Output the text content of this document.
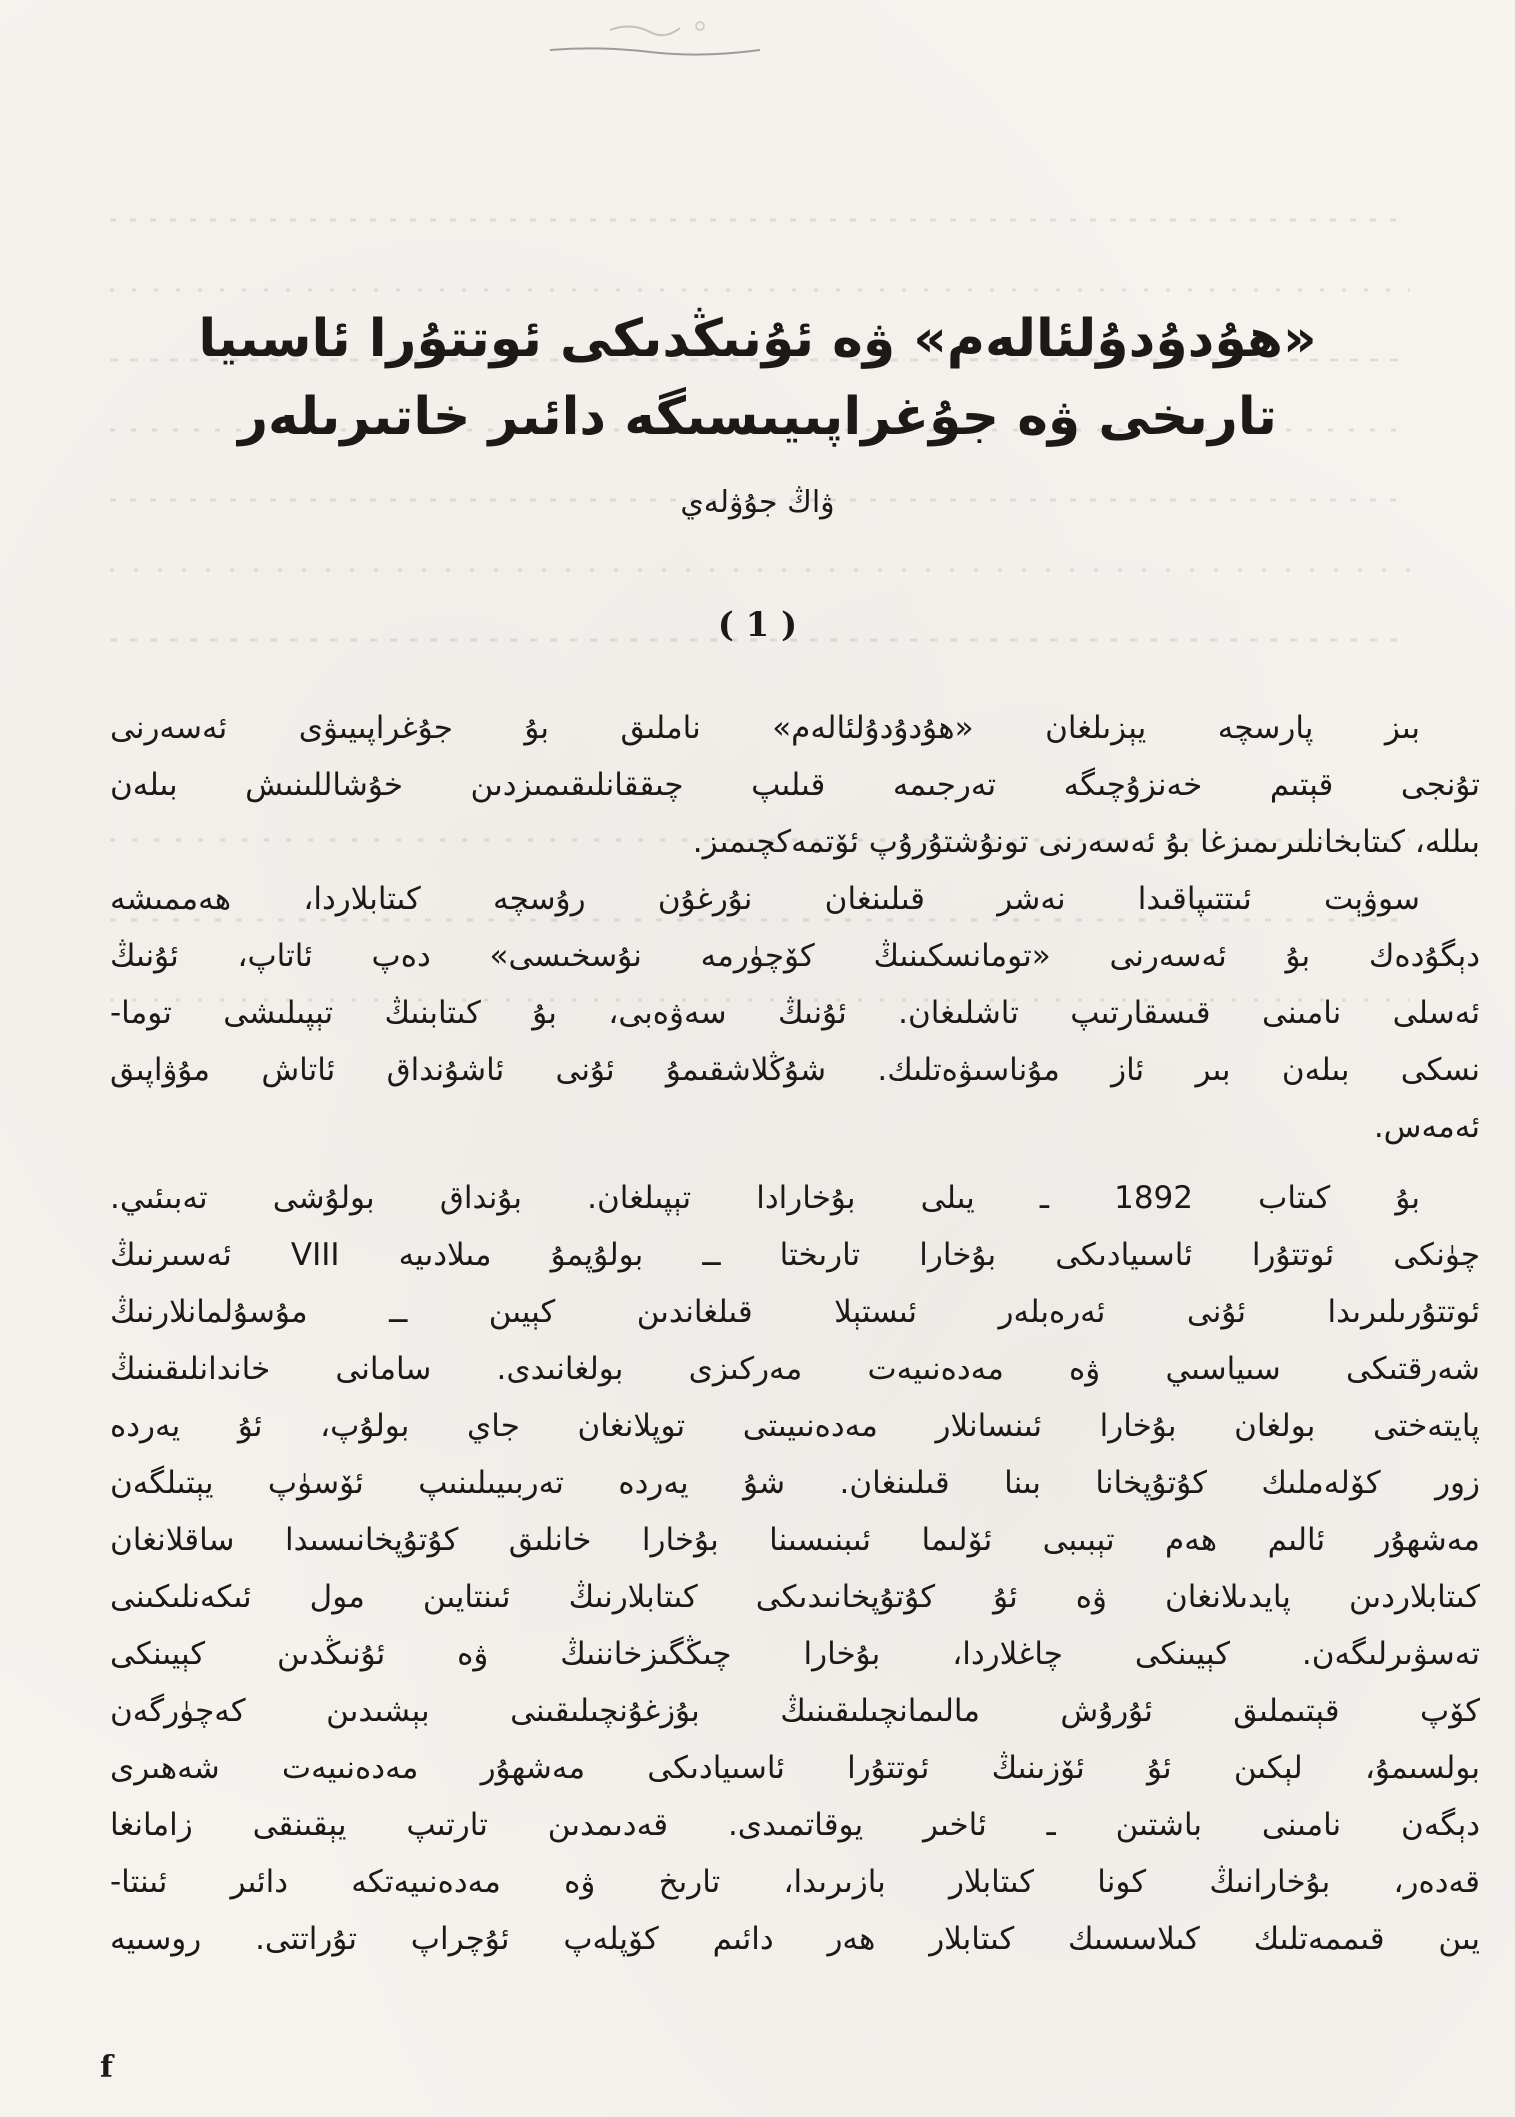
«ھۇدۇدۇلئالەم» ۋە ئۇنىڭدىكى ئوتتۇرا ئاسىيا
تارىخى ۋە جۇغراپىيىسىگە دائىر خاتىرىلەر
ۋاڭ جۇۋلەي
( 1 )
بىز پارسچە يېزىلغان «ھۇدۇدۇلئالەم» ناملىق بۇ جۇغراپىيىۋى ئەسەرنى
تۇنجى قېتىم خەنزۇچىگە تەرجىمە قىلىپ چىققانلىقىمىزدىن خۇشاللىنىش بىلەن
بىللە، كىتابخانلىرىمىزغا بۇ ئەسەرنى تونۇشتۇرۇپ ئۆتمەكچىمىز.
سوۋېت ئىتتىپاقىدا نەشر قىلىنغان نۇرغۇن رۇسچە كىتابلاردا، ھەممىشە
دېگۇدەك بۇ ئەسەرنى «تومانسكىنىڭ كۆچۈرمە نۇسخىسى» دەپ ئاتاپ، ئۇنىڭ
ئەسلى نامىنى قىسقارتىپ تاشلىغان. ئۇنىڭ سەۋەبى، بۇ كىتابنىڭ تېپىلىشى توما-
نسكى بىلەن بىر ئاز مۇناسىۋەتلىك. شۇڭلاشقىمۇ ئۇنى ئاشۇنداق ئاتاش مۇۋاپىق
ئەمەس.
بۇ كىتاب 1892 ـ يىلى بۇخارادا تېپىلغان. بۇنداق بولۇشى تەبىئىي.
چۈنكى ئوتتۇرا ئاسىيادىكى بۇخارا تارىختا ــ بولۇپمۇ مىلادىيە VIII ئەسىرنىڭ
ئوتتۇرىلىرىدا ئۇنى ئەرەبلەر ئىستېلا قىلغاندىن كېيىن ــ مۇسۇلمانلارنىڭ
شەرقتىكى سىياسىي ۋە مەدەنىيەت مەركىزى بولغانىدى. سامانى خاندانلىقىنىڭ
پايتەختى بولغان بۇخارا ئىنسانلار مەدەنىيىتى توپلانغان جاي بولۇپ، ئۇ يەردە
زور كۆلەملىك كۇتۇپخانا بىنا قىلىنغان. شۇ يەردە تەربىيىلىنىپ ئۆسۈپ يېتىلگەن
مەشھۇر ئالىم ھەم تېبىبى ئۆلىما ئىبنىسىنا بۇخارا خانلىق كۇتۇپخانىسىدا ساقلانغان
كىتابلاردىن پايدىلانغان ۋە ئۇ كۇتۇپخانىدىكى كىتابلارنىڭ ئىنتايىن مول ئىكەنلىكىنى
تەسۋىرلىگەن. كېيىنكى چاغلاردا، بۇخارا چىڭگىزخاننىڭ ۋە ئۇنىڭدىن كېيىنكى
كۆپ قېتىملىق ئۇرۇش مالىمانچىلىقىنىڭ بۇزغۇنچىلىقىنى بېشىدىن كەچۈرگەن
بولسىمۇ، لېكىن ئۇ ئۆزىنىڭ ئوتتۇرا ئاسىيادىكى مەشھۇر مەدەنىيەت شەھىرى
دېگەن نامىنى باشتىن ـ ئاخىر يوقاتمىدى. قەدىمدىن تارتىپ يېقىنقى زامانغا
قەدەر، بۇخارانىڭ كونا كىتابلار بازىرىدا، تارىخ ۋە مەدەنىيەتكە دائىر ئىنتا-
يىن قىممەتلىك كىلاسسىك كىتابلار ھەر دائىم كۆپلەپ ئۇچراپ تۇراتتى. روسىيە
f
